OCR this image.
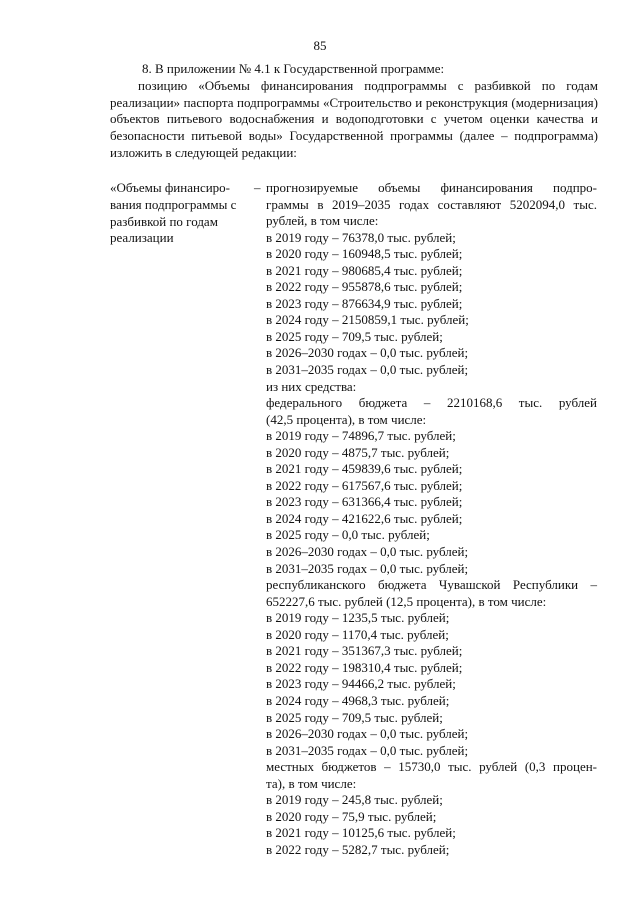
85

8. В приложении № 4.1 к Государственной программе:

позицию «Объемы финансирования подпрограммы с разбивкой по годам реализации» паспорта подпрограммы «Строительство и реконструкция (модернизация) объектов питьевого водоснабжения и водоподготовки с учетом оценки качества и безопасности питьевой воды» Государственной программы (далее – подпрограмма) изложить в следующей редакции:

«Объемы финансиро-
вания подпрограммы с
разбивкой по годам
реализации
– прогнозируемые объемы финансирования подпро-
граммы в 2019–2035 годах составляют 5202094,0 тыс.
рублей, в том числе:
в 2019 году – 76378,0 тыс. рублей;
в 2020 году – 160948,5 тыс. рублей;
в 2021 году – 980685,4 тыс. рублей;
в 2022 году – 955878,6 тыс. рублей;
в 2023 году – 876634,9 тыс. рублей;
в 2024 году – 2150859,1 тыс. рублей;
в 2025 году – 709,5 тыс. рублей;
в 2026–2030 годах – 0,0 тыс. рублей;
в 2031–2035 годах – 0,0 тыс. рублей;
из них средства:
федерального бюджета – 2210168,6 тыс. рублей
(42,5 процента), в том числе:
в 2019 году – 74896,7 тыс. рублей;
в 2020 году – 4875,7 тыс. рублей;
в 2021 году – 459839,6 тыс. рублей;
в 2022 году – 617567,6 тыс. рублей;
в 2023 году – 631366,4 тыс. рублей;
в 2024 году – 421622,6 тыс. рублей;
в 2025 году – 0,0 тыс. рублей;
в 2026–2030 годах – 0,0 тыс. рублей;
в 2031–2035 годах – 0,0 тыс. рублей;
республиканского бюджета Чувашской Республики –
652227,6 тыс. рублей (12,5 процента), в том числе:
в 2019 году – 1235,5 тыс. рублей;
в 2020 году – 1170,4 тыс. рублей;
в 2021 году – 351367,3 тыс. рублей;
в 2022 году – 198310,4 тыс. рублей;
в 2023 году – 94466,2 тыс. рублей;
в 2024 году – 4968,3 тыс. рублей;
в 2025 году – 709,5 тыс. рублей;
в 2026–2030 годах – 0,0 тыс. рублей;
в 2031–2035 годах – 0,0 тыс. рублей;
местных бюджетов – 15730,0 тыс. рублей (0,3 процен-
та), в том числе:
в 2019 году – 245,8 тыс. рублей;
в 2020 году – 75,9 тыс. рублей;
в 2021 году – 10125,6 тыс. рублей;
в 2022 году – 5282,7 тыс. рублей;
